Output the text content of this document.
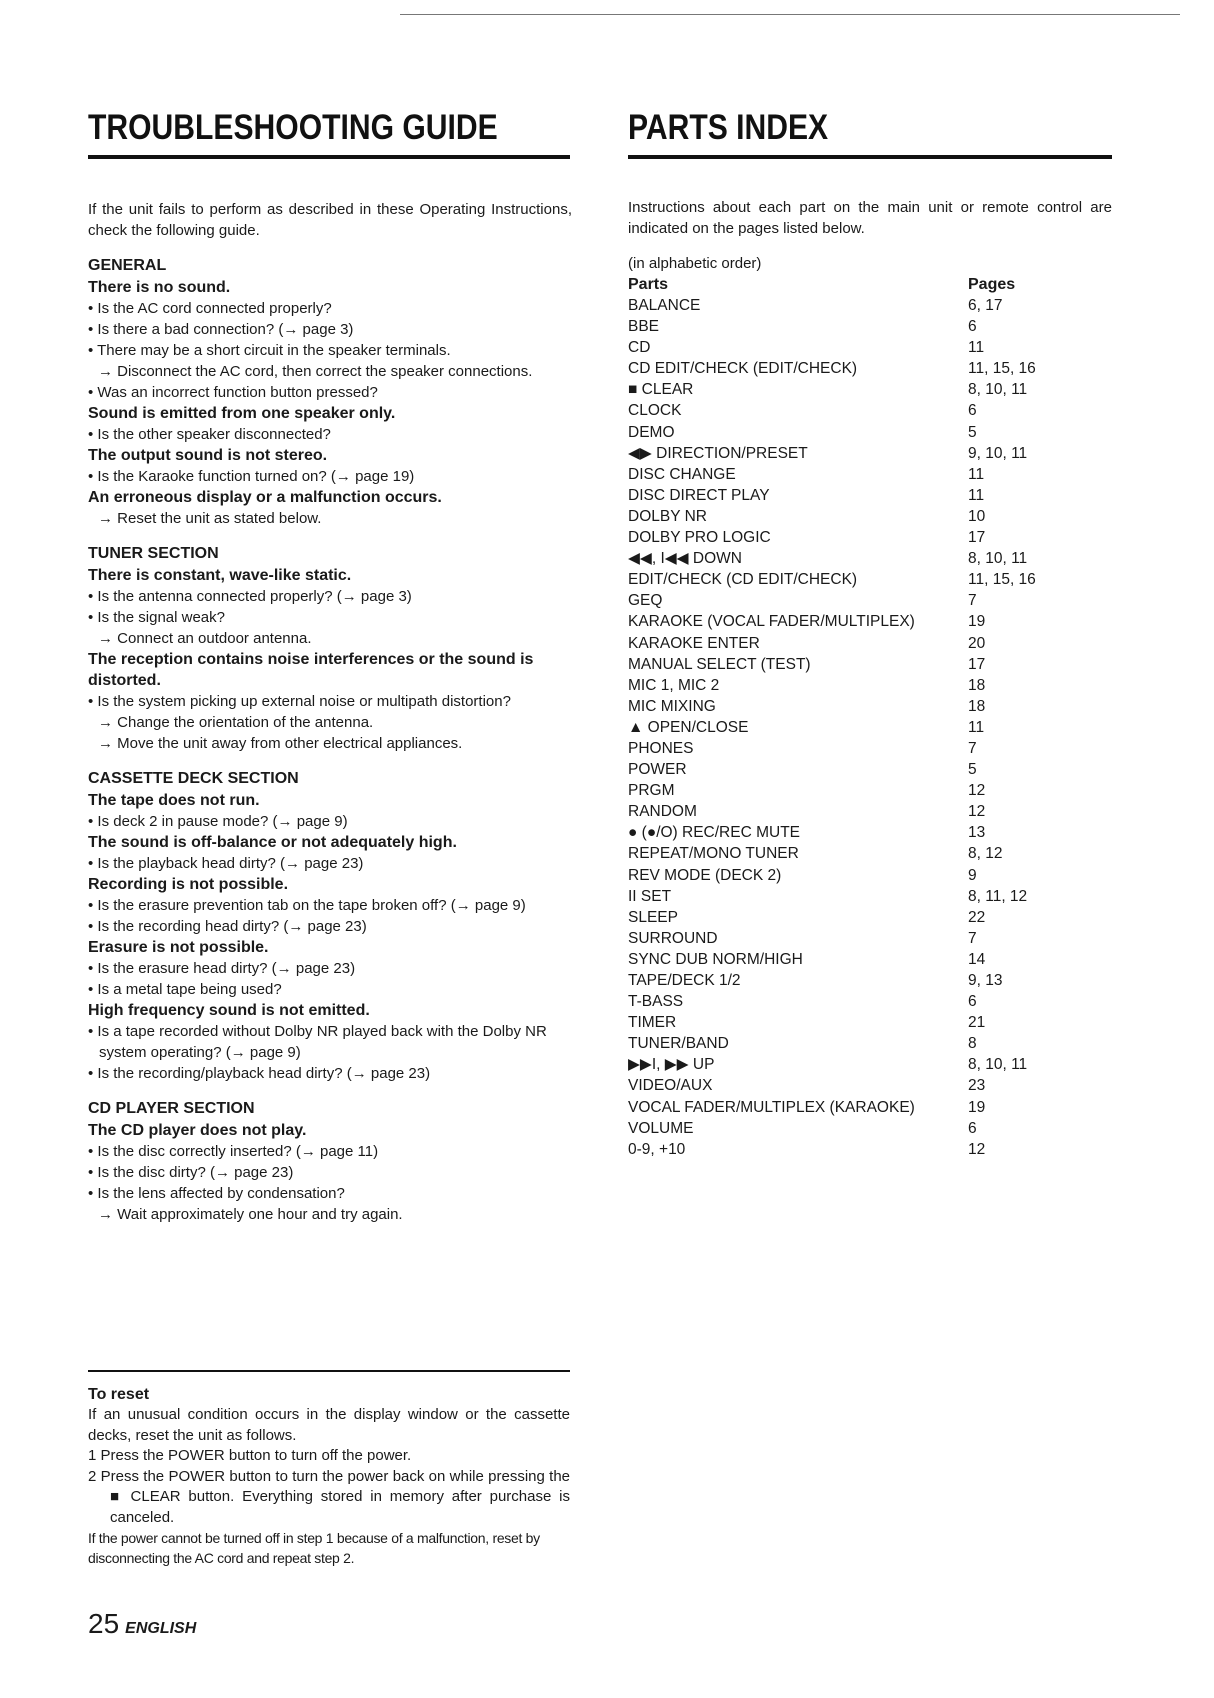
TROUBLESHOOTING GUIDE
If the unit fails to perform as described in these Operating Instructions, check the following guide.
GENERAL
There is no sound.
• Is the AC cord connected properly?
• Is there a bad connection? (→ page 3)
• There may be a short circuit in the speaker terminals.
→ Disconnect the AC cord, then correct the speaker connections.
• Was an incorrect function button pressed?
Sound is emitted from one speaker only.
• Is the other speaker disconnected?
The output sound is not stereo.
• Is the Karaoke function turned on? (→ page 19)
An erroneous display or a malfunction occurs.
→ Reset the unit as stated below.
TUNER SECTION
There is constant, wave-like static.
• Is the antenna connected properly? (→ page 3)
• Is the signal weak?
→ Connect an outdoor antenna.
The reception contains noise interferences or the sound is distorted.
• Is the system picking up external noise or multipath distortion?
→ Change the orientation of the antenna.
→ Move the unit away from other electrical appliances.
CASSETTE DECK SECTION
The tape does not run.
• Is deck 2 in pause mode? (→ page 9)
The sound is off-balance or not adequately high.
• Is the playback head dirty? (→ page 23)
Recording is not possible.
• Is the erasure prevention tab on the tape broken off? (→ page 9)
• Is the recording head dirty? (→ page 23)
Erasure is not possible.
• Is the erasure head dirty? (→ page 23)
• Is a metal tape being used?
High frequency sound is not emitted.
• Is a tape recorded without Dolby NR played back with the Dolby NR system operating? (→ page 9)
• Is the recording/playback head dirty? (→ page 23)
CD PLAYER SECTION
The CD player does not play.
• Is the disc correctly inserted? (→ page 11)
• Is the disc dirty? (→ page 23)
• Is the lens affected by condensation?
→ Wait approximately one hour and try again.
PARTS INDEX
Instructions about each part on the main unit or remote control are indicated on the pages listed below.
(in alphabetic order)
Parts	Pages
BALANCE	6, 17
BBE	6
CD	11
CD EDIT/CHECK (EDIT/CHECK)	11, 15, 16
■ CLEAR	8, 10, 11
CLOCK	6
DEMO	5
◀▶ DIRECTION/PRESET	9, 10, 11
DISC CHANGE	11
DISC DIRECT PLAY	11
DOLBY NR	10
DOLBY PRO LOGIC	17
◀◀, I◀◀ DOWN	8, 10, 11
EDIT/CHECK (CD EDIT/CHECK)	11, 15, 16
GEQ	7
KARAOKE (VOCAL FADER/MULTIPLEX)	19
KARAOKE ENTER	20
MANUAL SELECT (TEST)	17
MIC 1, MIC 2	18
MIC MIXING	18
▲ OPEN/CLOSE	11
PHONES	7
POWER	5
PRGM	12
RANDOM	12
● (●/O) REC/REC MUTE	13
REPEAT/MONO TUNER	8, 12
REV MODE (DECK 2)	9
II SET	8, 11, 12
SLEEP	22
SURROUND	7
SYNC DUB NORM/HIGH	14
TAPE/DECK 1/2	9, 13
T-BASS	6
TIMER	21
TUNER/BAND	8
▶▶I, ▶▶ UP	8, 10, 11
VIDEO/AUX	23
VOCAL FADER/MULTIPLEX (KARAOKE)	19
VOLUME	6
0-9, +10	12
To reset
If an unusual condition occurs in the display window or the cassette decks, reset the unit as follows.
1 Press the POWER button to turn off the power.
2 Press the POWER button to turn the power back on while pressing the ■ CLEAR button. Everything stored in memory after purchase is canceled.
If the power cannot be turned off in step 1 because of a malfunction, reset by disconnecting the AC cord and repeat step 2.
25 ENGLISH
